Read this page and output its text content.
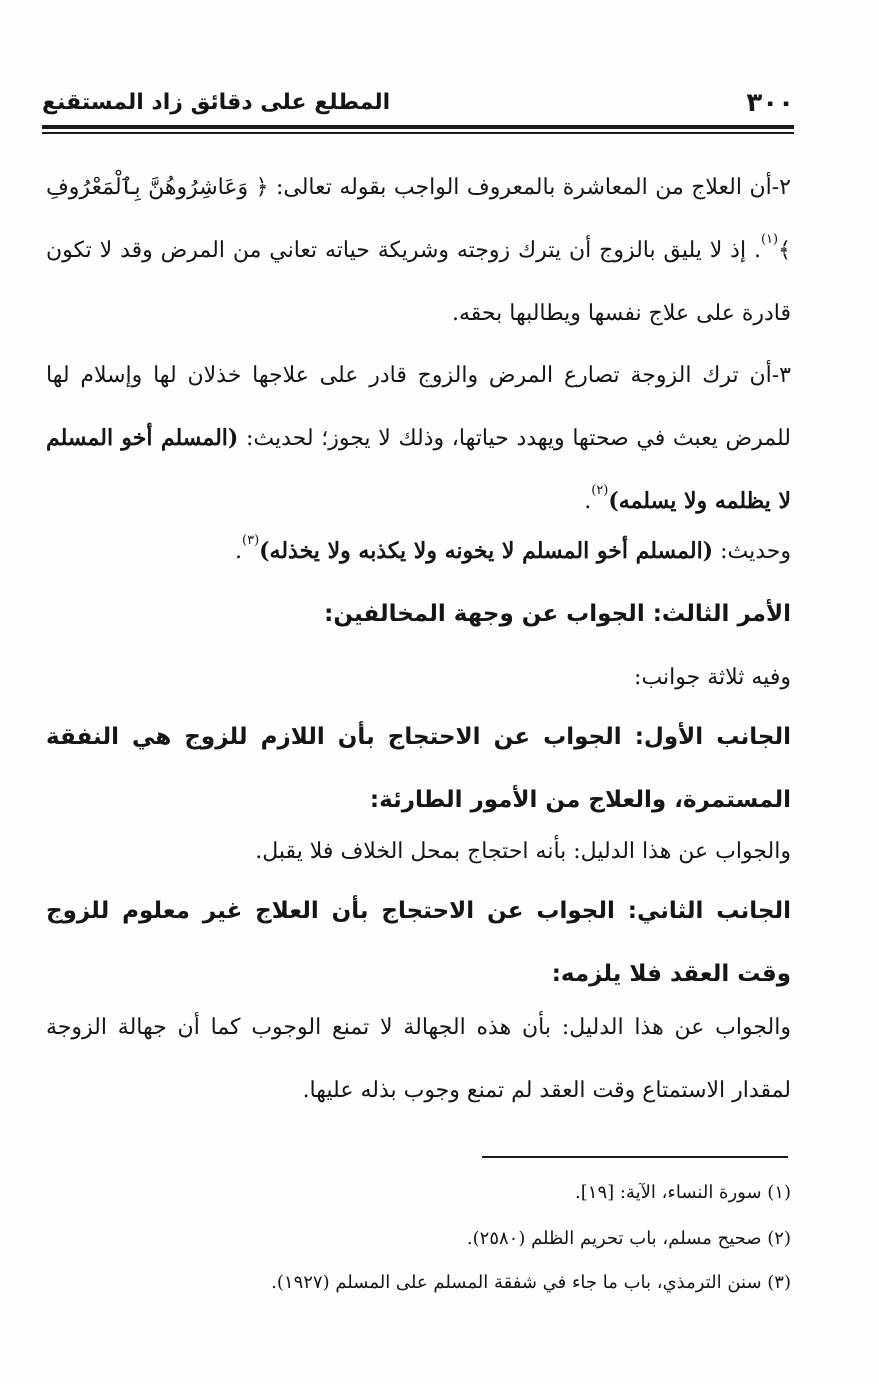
٣٠٠
المطلع على دقائق زاد المستقنع
٢-أن العلاج من المعاشرة بالمعروف الواجب بقوله تعالى: ﴿ وَعَاشِرُوهُنَّ بِٱلْمَعْرُوفِ ﴾$^{(١)}$. إذ لا يليق بالزوج أن يترك زوجته وشريكة حياته تعاني من المرض وقد لا تكون قادرة على علاج نفسها ويطالبها بحقه.
٣-أن ترك الزوجة تصارع المرض والزوج قادر على علاجها خذلان لها وإسلام لها للمرض يعبث في صحتها ويهدد حياتها، وذلك لا يجوز؛ لحديث: (المسلم أخو المسلم لا يظلمه ولا يسلمه)$^{(٢)}$.
وحديث: (المسلم أخو المسلم لا يخونه ولا يكذبه ولا يخذله)$^{(٣)}$.
الأمر الثالث: الجواب عن وجهة المخالفين:
وفيه ثلاثة جوانب:
الجانب الأول: الجواب عن الاحتجاج بأن اللازم للزوج هي النفقة المستمرة، والعلاج من الأمور الطارئة:
والجواب عن هذا الدليل: بأنه احتجاج بمحل الخلاف فلا يقبل.
الجانب الثاني: الجواب عن الاحتجاج بأن العلاج غير معلوم للزوج وقت العقد فلا يلزمه:
والجواب عن هذا الدليل: بأن هذه الجهالة لا تمنع الوجوب كما أن جهالة الزوجة لمقدار الاستمتاع وقت العقد لم تمنع وجوب بذله عليها.
(١) سورة النساء، الآية: [١٩].
(٢) صحيح مسلم، باب تحريم الظلم (٢٥٨٠).
(٣) سنن الترمذي، باب ما جاء في شفقة المسلم على المسلم (١٩٢٧).
